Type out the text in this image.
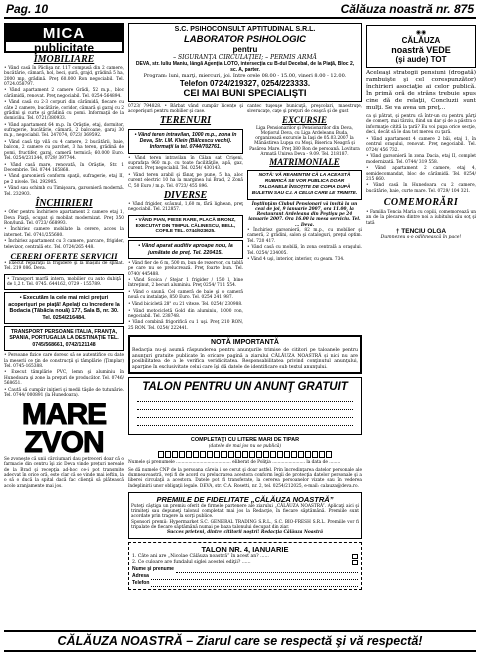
Pag. 10	Călăuza noastră nr. 875
MICA
publicitate
IMOBILIARE

• Vând casă în Pâclişa nr. 117 compusă din 2 camere, bucătărie, cămară, hol, beci, şură, grajd, grădină 5 ha, 2000 mp, grădină. Preţ 60.000 Ron negociabil. Tel. 0724.058797.

• Vând apartament 2 camere Grădi, 52 m.p., bloc cărămidă, renovat. Preţ negociabil. Tel. 0254-564894.

• Vând casă cu 2-3 corpuri din cărămidă, fiecare cu câte 2 camere, bucătărie, coridor, cămară şi garaj cu 2 grădini şi curte şi grădină cu pomi. Informaţii de la domiciliu. Tel. 0721/380933.

• Vând apartament 64 m.p. în Orăştie, etaj, dormitor, sufragerie, bucătărie, cămară, 2 balcoane, garaj 30 m.p., negociabil. Tel. 247074, 0723/ 369592.

• Vând casă tip vilă cu 4 camere, 2 bucătării, baie, balcon, 2 camere cu parchet, 3 ha teren, grădină de pomi, fructifer, garaj, cameră termică; 60.000 Euro. Tel. 0254/231344, 0729/ 397744.

• Vând casă mare, renovată, în Orăştie, Str. 1 Decembrie. Tel. 0744 165868.

• Vând garsonieră conform spaţii, sufragerie, etaj II, pe 2 nivele. Tel. 292905.

• Vând sau schimb cu Timişoara, garsonieră modernă. Tel. 232903.

ÎNCHIRIERI

• Ofer pentru închiriere apartament 2 camere etaj 1, Deva Piaţă, ocupat şi mobilat modernizat. Preţ 350 Ron/lună. Tel. 0723/ 668993.

• Închiriez camere mobilate la cerere, acces la internet. Tel. 0741/255680.

• Închiriez apartament cu 3 camere, parcare, frigider, televizor, centrală etc. Tel. 0724/265 448.

CERERI OFERTE SERVICII

• Execut reparaţii la frigidere şi la mașini de spălat. Tel. 219 086. Deva.

• Transport marfă intern, mobilier cu auto dubiţă de 1,2 t. Tel. 0745. 644162, 0729 - 155789.
• Executăm la cele mai mici preţuri acoperişuri pe piaţă! Apelaţi cu încredere la Bodacia (Tăbăcia nouă) 177, Sala B, nr. 30. Tel. 0254/216484.
TRANSPORT PERSOANE ITALIA, FRANŢA, SPANIA, PORTUGALIA LA DESTINAŢIE TEL. 0745/568661, 0742/121148

• Persoane fizice care doresc să se autentifice cu date la meserii ce ţin de construcţii şi tâmplărie (Ţimplar) Tel. 0745-165388.

• Execut tâmplărie PVC, lemn şi aluminiu în Hunedoara şi zone la preţuri de producător. Tel. 0746/ 568651.

• Caută să cumpăr iniţieri şi medii tăşile de tutunărie. Tel. 0744/ 000891 (la Hunedoara).

MARE
ZVON
Se zvoneşte că unii cârciumari dau petreceri doar că o farmacie din centru îşi zic Deva vinde prețuri nereale de la Brad şi recepţia ad-hoc ce-i pot transmite adecvat în orice oră, este clar că se vinde mai ieftin, la o să o ducă la spital dacă fac clienţii să plătească acolo aranjamente mai jos.
S.C. PSIHOCONSULT APTITUDINAL S.R.L.
LABORATOR PSIHOLOGIC
pentru
– SIGURANŢA CIRCULAŢIEI; – PERMIS ARMĂ
DEVA, str. Iuliu Maniu, lângă Agenţia LOTO, intersecţia cu B-dul Decebal, de la Piaţă, Bloc 2, sc. A, parter.
Program: luni, marţi, miercuri, joi. Intre orele 08.00 - 15.00, vineri 8.00 - 12.00.
Telefon 0724/219327, 0254/223333.
CEI MAI BUNI SPECIALIŞTI
0723/ 794828. • Bărbat vând cumpăr licențe şi acoperişuri pentru mobilier şi case.
TERENURI
• Vând teren intravilan, 1000 m.p., zona în Deva, Str. I.M. Klein (Bălcescu vechi). Informaţii la tel. 0744/702761.

• Vând teren intravilan în Călan sat Crişeni, suprafaţa 960 m.p. cu toate facilităţile, apă, gaz, curent. Preţ negociabil. Tel. 0254/ 430143.

• Vând teren arabil şi fânaţ pe pune, 5 ha, aloc curent electric 10 ha la marginea lui Brad, 2 Zonă C, 50 Euro / m.p. Tel. 0723/ 455 896.

DIVERSE

• Vând frigider, scăunul, 1,60 m, fără lighean, preţ negociabil. Tel. 212857.

• VÂND PIAN, PIESE RARE, PLACĂ BRONZ, EXECUTAT DIN TIMPUL CĂLINESCU, BELL, COFILE TEL. 0744/923625.
• Vând aparat auditiv aproape nou, la jumătate de preţ. Tel. 220415.

• Vând fier de 6 m, 500 m, bun de rezervor, cu tablă pe care nu se prelucrează. Preţ foarte bun. Tel. 0740/ 445488.

• Vând Scoica / Stejar 1 frigider / 150 l, bine întreţinut, 2 becuri aluminiu. Preţ 0254/ 711 554.

• Vând o saună. Cel cameră de baie şi o cameră nouă cu instalaţie, 850 Euro. Tel. 0254 241 987.

• Vând bicicletă 28" cu 21 viteze. Tel. 0254/ 230988.

• Vând motocicletă Gold din aluminiu, 1000 ron, negociabil. Tel. 238748.

• Vând combină frigorifică cu 1 uşi. Preţ 210 RON, 25 RON. Tel. 0254/ 222441.

cantec tuşeuşe bunicuţă, preşcolari, maestruţe, siverucaţe, caţe şi preţuri de ceaşcă şi de gust
EXCURSIE
Liga Pensionarilor şi Pensionarilor din Deva, Moţiorul Deva, cu Liga Ardeleanu Buda, organizează excursie la Iaşi de 05.03.2007 la Mănăstirea Lupşa cu Moşi, Biserica Neagră şi Pasărea Mare. Preţ 380 Ron de persoană. Lovitura Armată Unirea Deva - 9.09. Tel. 218187.
MATRIMONIALE
NOTĂ: VĂ REAMINTIM CĂ LA ACEASTĂ RUBRICĂ SE VOR PUBLICA DOAR TALOANELE ÎNSOŢITE DE COPIA DUPĂ BULETIN SAU C.I. A CELUI CARE LE TRIMITE.
Înştiinţăm Clubul Pensionari vă invită la un ceai de joi, 9 ianuarie 2007, ora 11.00, la Restaurant Ardeleana din Peştişu pe 24 ianuarie 2007. Ora 16.00 la mesa serviciu. Tel. ... Deva.

• Închiriez garsonieră, 82 m.p., cu mobilier şi cameră, 2 grădini, salon şi cataloguri, preţul optim. Tel. 720 417.

• Vând casă cu mobilă, în zona centrală a oraşului. Tel. 0254/ 234005.

• Vând 4 uşi, interior, interior, cu geam. 734.

NOTĂ IMPORTANTĂ
Redacţia nu-şi asumă răspunderea pentru anunţurile trimise de cititori pe taloanele pentru anunţuri gratuite publicate în oricare pagină a ziarului CĂLĂUZA NOASTRĂ și nici nu are posibilitatea de a le verifica veridicitatea. Responsabilitatea privind conţinutul anunţului, aparţine în exclusivitate celui care îşi dă datele de identificare sub textul anunţului.
TALON PENTRU UN ANUNŢ GRATUIT
COMPLETAŢI CU LITERE MARI DE TIPAR
(datele de mai jos nu se publică)
Numele şi prenumele ........................................ eliberat de Poliţia ........................ la data de ........
Se dă numele CNP de la persoana căreia i se cerut şi doar astfel. Prin încredinţarea datelor personale ale dumneavoastră, veţi fi de acord cu prelucrarea acestora conform legii de protecţia datelor personale şi a liberei circulaţii a acestora. Datele pot fi transferate, la cererea persoanelor vizate sau în vederea îndeplinirii unor obligaţii legale. DEVA, str. C.A. Rosetti, nr. 2, tel. 0254/212025, e-mail: calauza@deva.ro.
PREMIILE DE FIDELITATE „CĂLĂUZA NOASTRĂ”
Puteţi câştiga un premiu oferit de firmele partenere ale ziarului „CĂLĂUZA NOASTRĂ”. Aplicaţi aici şi trimiteţi sau depuneţi talonul completat mai jos la Redacţie, în fiecare săptămână. Premiile sunt acordate prin tragere la sorţi publice.
Sponsori premii: Hypermarket S.C. GENERAL TRADING S.R.L., S.C. BIO-FRESH S.R.L. Premiile vor fi tripalate de fiecare săptămână numai pe baza talonului decupat din ziar.
Succes prieteni, dintre cititorii noştri! Redacţia Călăuza Noastră
TALON NR. 4, IANUARIE
1. Câte ani are „Nicolae Călăuza noastră” în acest an? ......
2. Ce culoare are fundalul siglei acestei ediţii? ......
Nume şi prenume
Adresa
Telefon
◉◉
CĂLĂUZA
noastră VEDE
(şi aude) TOT
Aceleaşi strategii pensiuni (drogată) rambuişte şi cel corespunzător) închirieri asociaţie ai celor publică. În primă oră de strâns trebuie spus cine dă de relaţii, Concluzii sunt mulţi. Se va avea un preţ...
ca şi pătrat, şi pentru că într-un cu pentru pârţi de comerţ. mai târziu, fiind un dar şi de a păstra o informaţie citită la ţară? Eu voi pupa orice secţie, deci, decât să le dau tot mereu cu ţară.

• Vând apartament 4 camere 2 băi, etaj 1, în centrul oraşului, renovat. Preţ negociabil. Tel. 0724/ 456 732.

• Vând garsonieră în zona Dacia, etaj II, complet modernizată. Tel. 0744/ 319 558.

• Vând apartament 2 camere, etaj 4, semidecomandat, bloc de cărămidă. Tel. 0254/ 215 660.

• Vând casă în Hunedoara cu 2 camere, bucătărie, baie, curte mare. Tel. 0729/ 104 321.

COMEMORĂRI
• Familia Tencia Maria cu copiii, comemorează un an de la plecarea dintre noi a iubitului său soţ şi tată
† TENCIU OLGA
Dumnezeu s-o odihnească în pace!
CĂLĂUZA NOASTRĂ – Ziarul care se respectă şi vă respectă!
